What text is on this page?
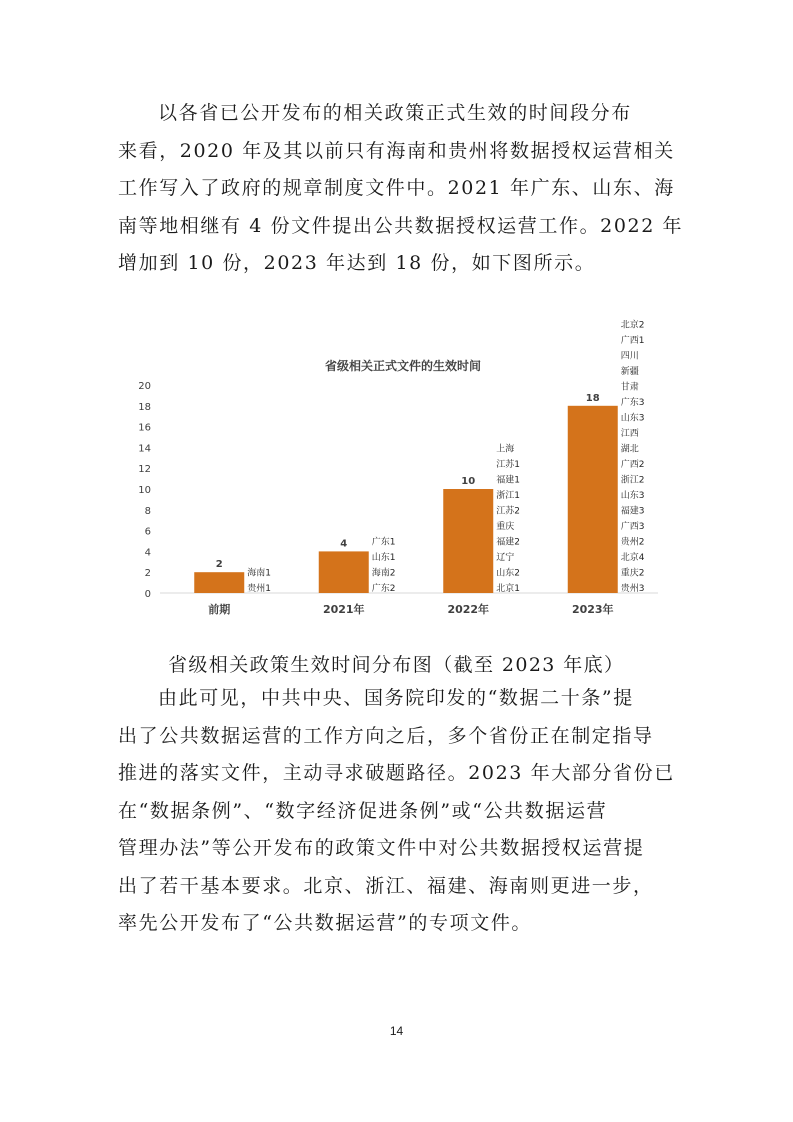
以各省已公开发布的相关政策正式生效的时间段分布
来看，2020 年及其以前只有海南和贵州将数据授权运营相关
工作写入了政府的规章制度文件中。2021 年广东、山东、海
南等地相继有 4 份文件提出公共数据授权运营工作。2022 年
增加到 10 份，2023 年达到 18 份，如下图所示。
省级相关正式文件的生效时间
0
2
4
6
8
10
12
14
16
18
20
2
前期
海南1
贵州1
4
2021年
广东1
山东1
海南2
广东2
10
2022年
上海
江苏1
福建1
浙江1
江苏2
重庆
福建2
辽宁
山东2
北京1
18
2023年
北京2
广西1
四川
新疆
甘肃
广东3
山东3
江西
湖北
广西2
浙江2
山东3
福建3
广西3
贵州2
北京4
重庆2
贵州3
省级相关政策生效时间分布图（截至 2023 年底）
由此可见，中共中央、国务院印发的“数据二十条”提
出了公共数据运营的工作方向之后，多个省份正在制定指导
推进的落实文件，主动寻求破题路径。2023 年大部分省份已
在“数据条例”、“数字经济促进条例”或“公共数据运营
管理办法”等公开发布的政策文件中对公共数据授权运营提
出了若干基本要求。北京、浙江、福建、海南则更进一步，
率先公开发布了“公共数据运营”的专项文件。
14
